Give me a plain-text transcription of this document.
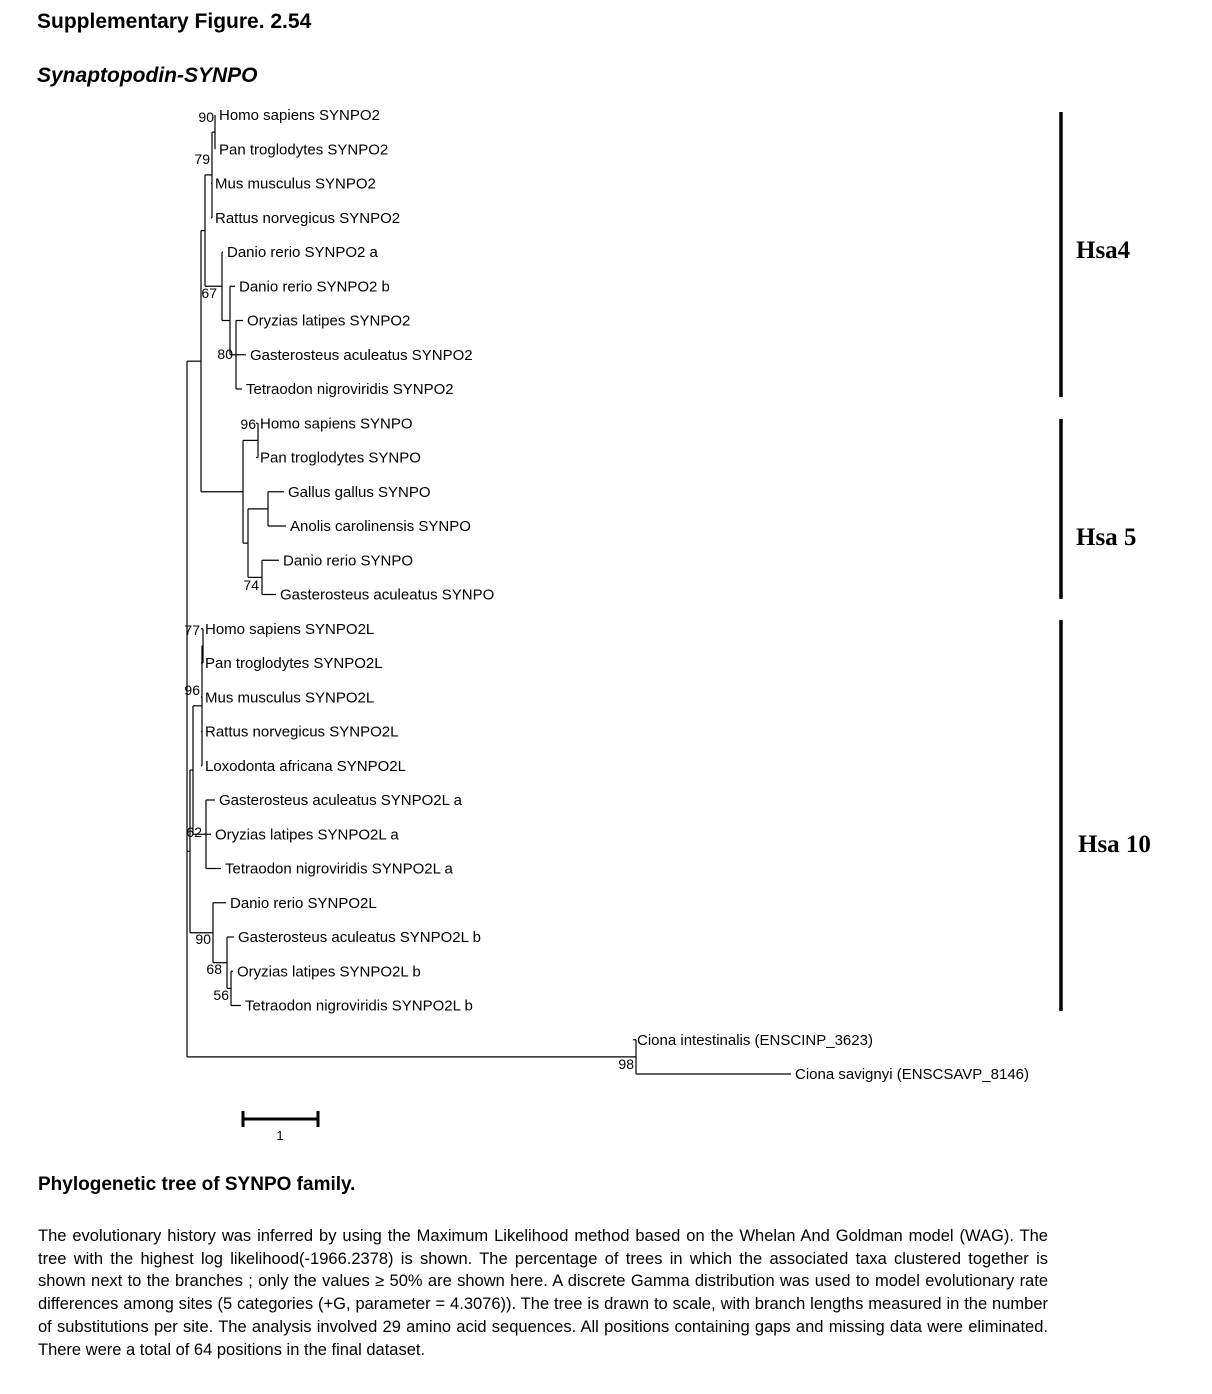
Supplementary Figure. 2.54
Synaptopodin-SYNPO
Homo sapiens SYNPO2
Pan troglodytes SYNPO2
Mus musculus SYNPO2
Rattus norvegicus SYNPO2
Danio rerio SYNPO2 a
Danio rerio SYNPO2 b
Oryzias latipes SYNPO2
Gasterosteus aculeatus SYNPO2
Tetraodon nigroviridis SYNPO2
Homo sapiens SYNPO
Pan troglodytes SYNPO
Gallus gallus SYNPO
Anolis carolinensis SYNPO
Danio rerio SYNPO
Gasterosteus aculeatus SYNPO
Homo sapiens SYNPO2L
Pan troglodytes SYNPO2L
Mus musculus SYNPO2L
Rattus norvegicus SYNPO2L
Loxodonta africana SYNPO2L
Gasterosteus aculeatus SYNPO2L a
Oryzias latipes SYNPO2L a
Tetraodon nigroviridis SYNPO2L a
Danio rerio SYNPO2L
Gasterosteus aculeatus SYNPO2L b
Oryzias latipes SYNPO2L b
Tetraodon nigroviridis SYNPO2L b
Ciona intestinalis (ENSCINP_3623)
Ciona savignyi (ENSCSAVP_8146)
90
79
67
80
96
74
77
96
62
90
68
56
98
Hsa4
Hsa 5
Hsa 10
1
Phylogenetic tree of SYNPO family.

The evolutionary history was inferred by using the Maximum Likelihood method based on the Whelan And Goldman model (WAG). The tree with the highest log likelihood(-1966.2378) is shown. The percentage of trees in which the associated taxa clustered together is shown next to the branches ; only the values ≥ 50% are shown here. A discrete Gamma distribution was used to model evolutionary rate differences among sites (5 categories (+G, parameter = 4.3076)). The tree is drawn to scale, with branch lengths measured in the number of substitutions per site. The analysis involved 29 amino acid sequences. All positions containing gaps and missing data were eliminated. There were a total of 64 positions in the final dataset.
